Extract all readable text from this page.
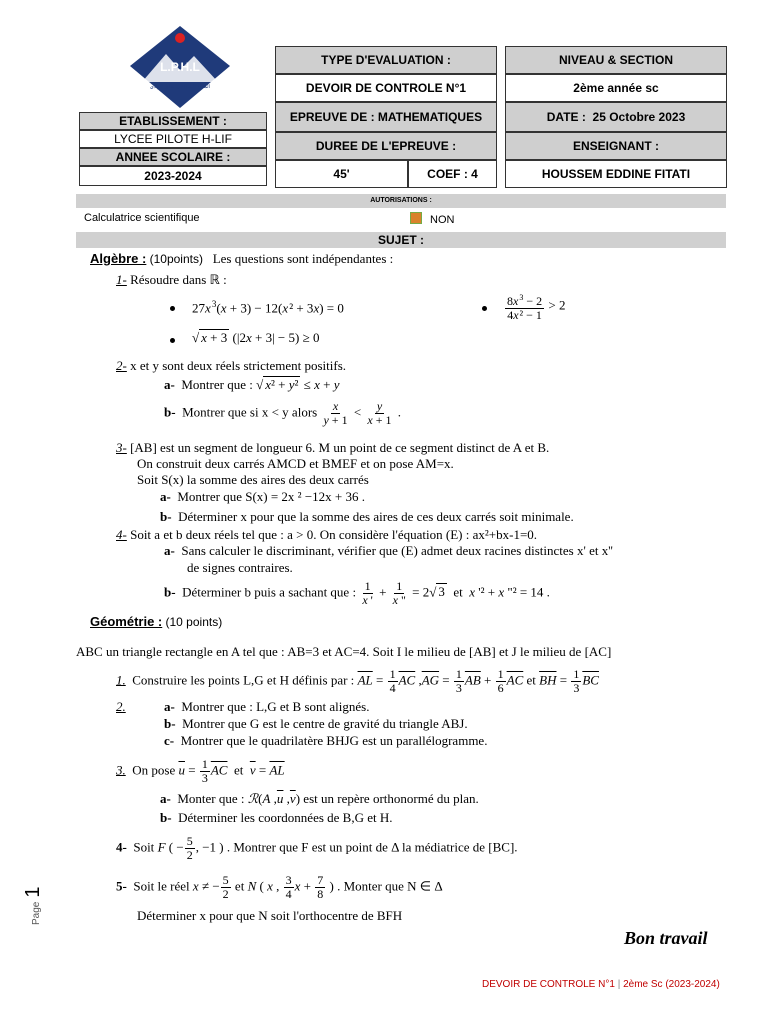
L.P.H.L
المعهد النموذجي بحلق الوادي
TYPE D'EVALUATION :
DEVOIR DE CONTROLE N°1
EPREUVE DE : MATHEMATIQUES
DUREE DE L'EPREUVE :
45'	COEF : 4
NIVEAU & SECTION
2ème année sc
DATE :
25 Octobre 2023
ENSEIGNANT :
HOUSSEM EDDINE FITATI
ETABLISSEMENT :
LYCEE PILOTE H-LIF
ANNEE SCOLAIRE :
2023-2024
AUTORISATIONS :
Calculatrice scientifique	NON
SUJET :
Algèbre : (10points) Les questions sont indépendantes :
1- Résoudre dans ℝ :
27x $^3$(x + 3) − 12(x ² + 3x) = 0	$\frac{8x ^3 - 2}{\text{4x ² − 1}} > 2$
√ x + 3 (|2x + 3| − 5) ≥ 0
2- x et y sont deux réels strictement positifs.
a- Montrer que : √ x² + y² ≤ x + y
b- Montrer que si x < y alors $\frac{x}{y + 1} < \frac{y}{x + 1}$ .
3- [AB] est un segment de longueur 6. M un point de ce segment distinct de A et B.
On construit deux carrés AMCD et BMEF et on pose AM=x.
Soit S(x) la somme des aires des deux carrés
a- Montrer que S(x) = 2x ² −12x + 36 .
b- Déterminer x pour que la somme des aires de ces deux carrés soit minimale.
4- Soit a et b deux réels tel que : a > 0. On considère l'équation (E) : ax²+bx-1=0.
a- Sans calculer le discriminant, vérifier que (E) admet deux racines distinctes x' et x''
de signes contraires.
b- Déterminer b puis a sachant que : $\frac{1}{x '} + \frac{1}{x "} = 2√$ 3  et  x '² + x "² = 14 .
Géométrie : (10 points)
ABC un triangle rectangle en A tel que : AB=3 et AC=4. Soit I le milieu de [AB] et J le milieu de [AC]
1. Construire les points L,G et H définis par : $\overline{AL} = \frac{1}{4} \overline{AC}$ $,\overline{AG} = \frac{1}{3} \overline{AB} + \frac{1}{6} \overline{AC}$ et $\overline{BH} = \frac{1}{3} \overline{BC}$
2.	a- Montrer que : L,G et B sont alignés.
b- Montrer que G est le centre de gravité du triangle ABJ.
c- Montrer que le quadrilatère BHJG est un parallélogramme.
3. On pose $\overline{u} = \frac{1}{3} \overline{AC}$  et  $\overline{v} = \overline{AL}$
a- Monter que : ℛ(A $,\overline{u}$ $,\overline{v}$) est un repère orthonormé du plan.
b- Déterminer les coordonnées de B,G et H.
4- Soit F ( − $\frac{5}{2}$ , −1 ) . Montrer que F est un point de Δ la médiatrice de [BC].
5- Soit le réel x ≠ − $\frac{5}{2}$ et N ( x , $\frac{3}{4}$ $x + \frac{7}{8}$ ) . Monter que N ∈ Δ
Déterminer x pour que N soit l'orthocentre de BFH
Bon travail
Page 1
DEVOIR DE CONTROLE N°1 | 2ème Sc (2023-2024)
